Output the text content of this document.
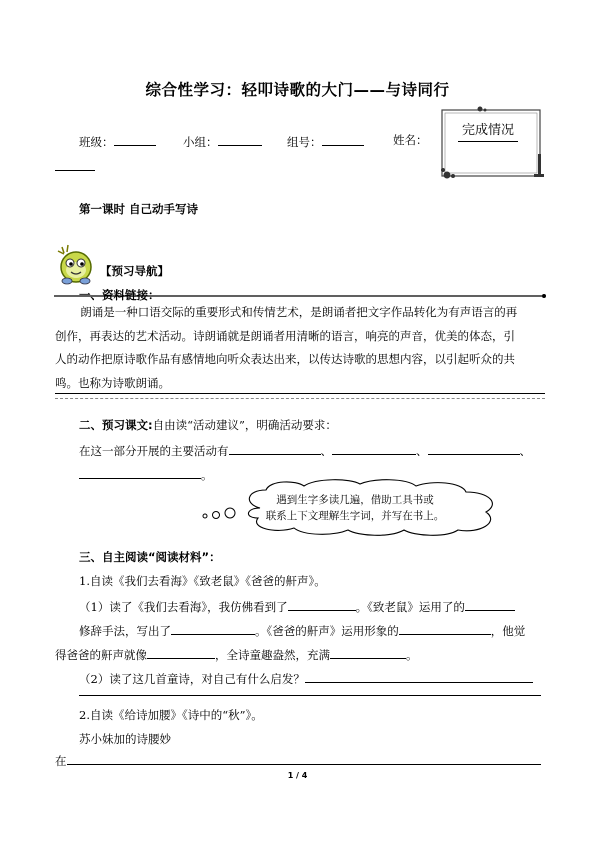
综合性学习：轻叩诗歌的大门——与诗同行
班级：	小组：	组号：	姓名：
完成情况
第一课时 自己动手写诗
【预习导航】
一、资料链接：
朗诵是一种口语交际的重要形式和传情艺术，是朗诵者把文字作品转化为有声语言的再
创作，再表达的艺术活动。诗朗诵就是朗诵者用清晰的语言，响亮的声音，优美的体态，引
人的动作把原诗歌作品有感情地向听众表达出来，以传达诗歌的思想内容，以引起听众的共
鸣。也称为诗歌朗诵。
二、预习课文:自由读“活动建议”，明确活动要求：
在这一部分开展的主要活动有	、	、	、
。
遇到生字多读几遍，借助工具书或
联系上下文理解生字词，并写在书上。
三、自主阅读“阅读材料”：
1.自读《我们去看海》《致老鼠》《爸爸的鼾声》。
（1）读了《我们去看海》，我仿佛看到了	。《致老鼠》运用了的
修辞手法，写出了	。《爸爸的鼾声》运用形象的	，他觉
得爸爸的鼾声就像	，全诗童趣盎然，充满	。
（2）读了这几首童诗，对自己有什么启发？
2.自读《给诗加腰》《诗中的“秋”》。
苏小妹加的诗腰妙
在
1 / 4
